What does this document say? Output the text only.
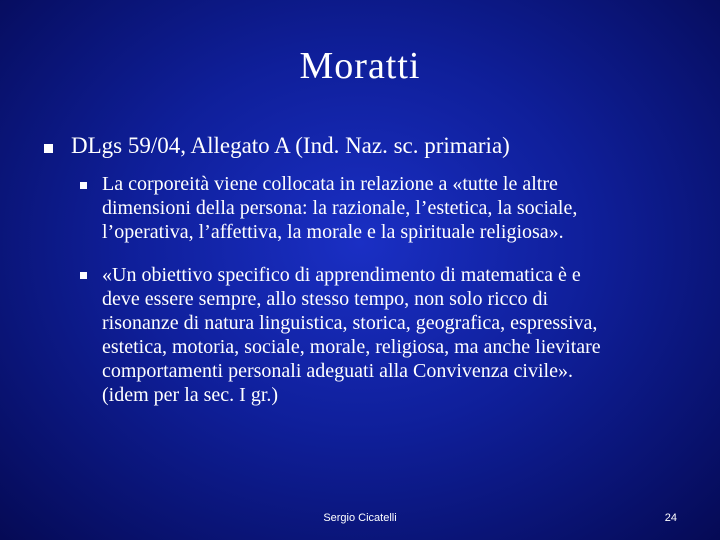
Moratti
DLgs 59/04, Allegato A (Ind. Naz. sc. primaria)
La corporeità viene collocata in relazione a «tutte le altre
dimensioni della persona: la razionale, l’estetica, la sociale,
l’operativa, l’affettiva, la morale e la spirituale religiosa».
«Un obiettivo specifico di apprendimento di matematica è e
deve essere sempre, allo stesso tempo, non solo ricco di
risonanze di natura linguistica, storica, geografica, espressiva,
estetica, motoria, sociale, morale, religiosa, ma anche lievitare
comportamenti personali adeguati alla Convivenza civile».
(idem per la sec. I gr.)
Sergio Cicatelli	24
